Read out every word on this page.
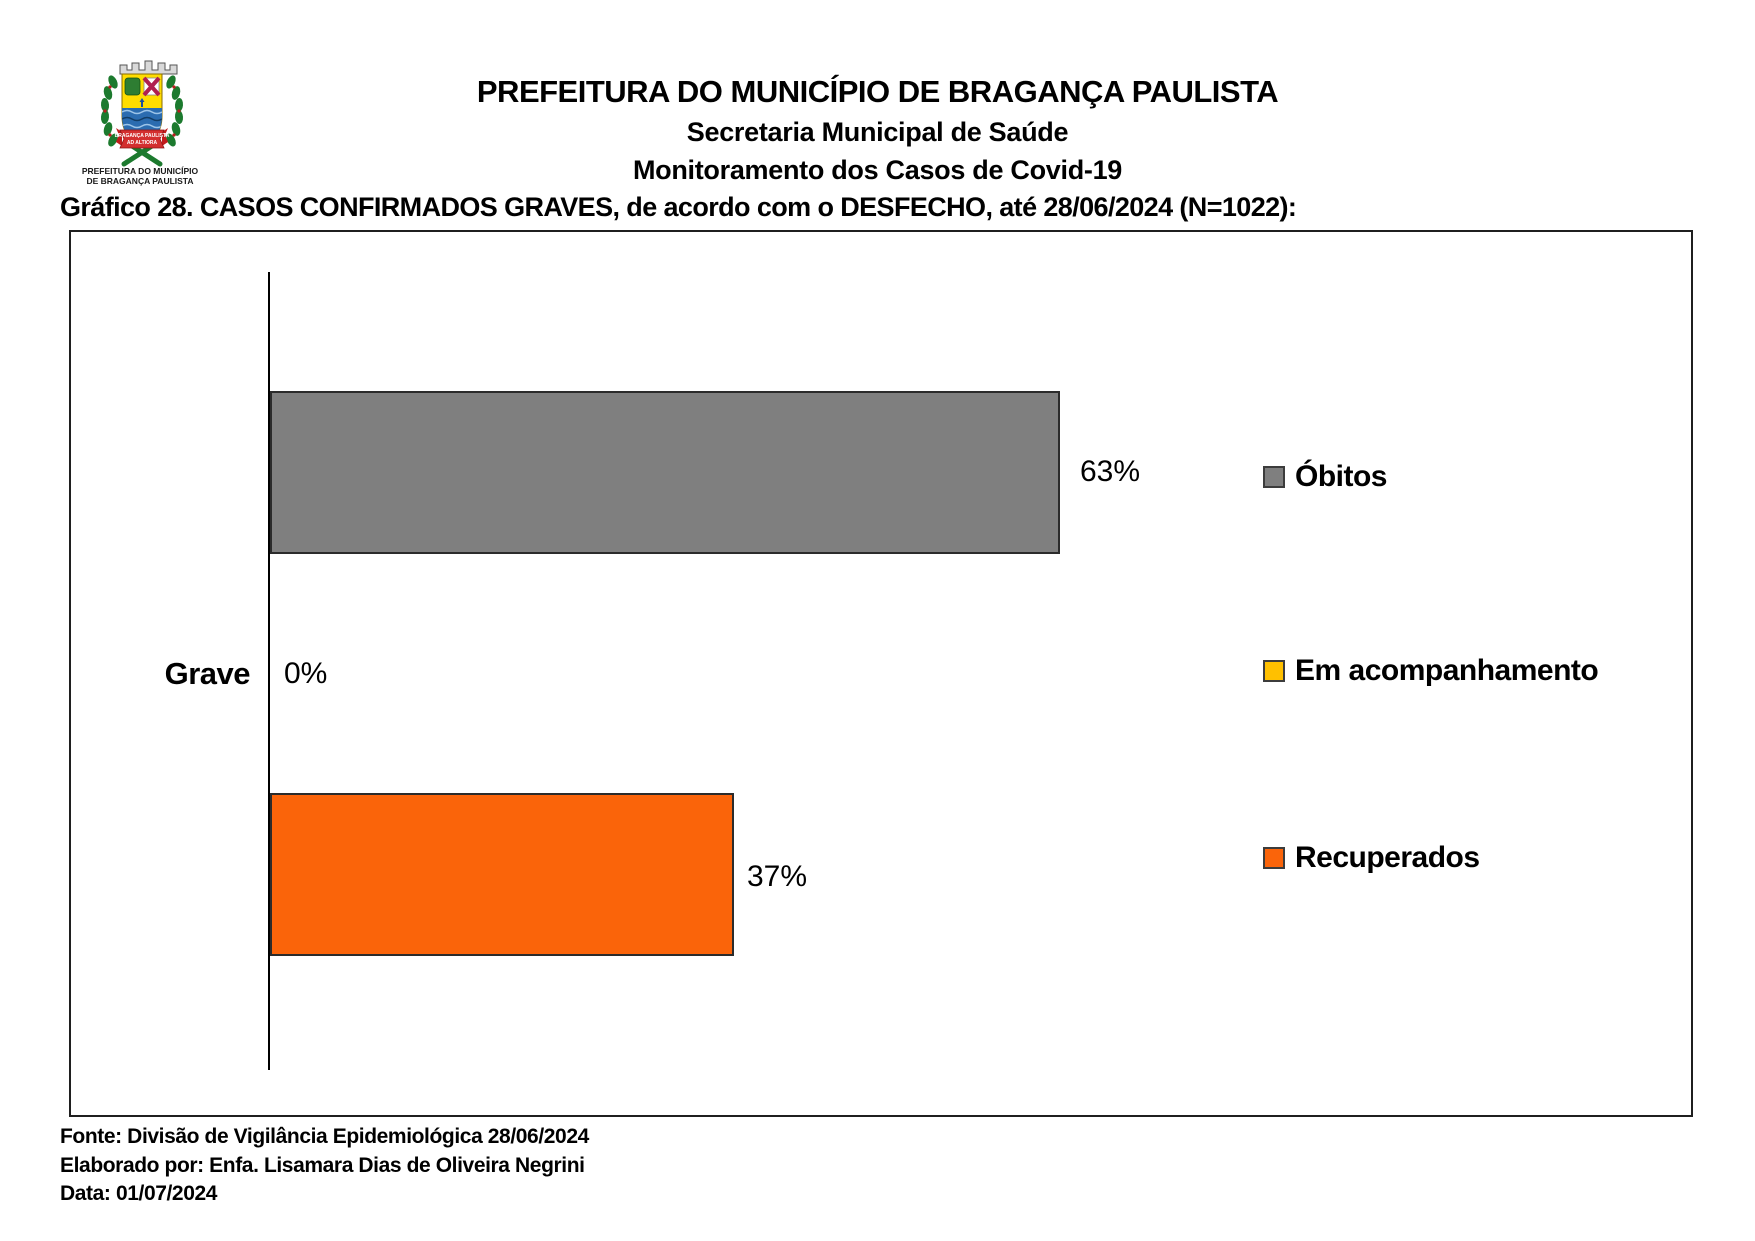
BRAGANÇA PAULISTA
AD ALTIORA
PREFEITURA DO MUNICÍPIO
DE BRAGANÇA PAULISTA
PREFEITURA DO MUNICÍPIO DE BRAGANÇA PAULISTA
Secretaria Municipal de Saúde
Monitoramento dos Casos de Covid-19
Gráfico 28. CASOS CONFIRMADOS GRAVES, de acordo com o DESFECHO, até 28/06/2024 (N=1022):
Grave
63%
0%
37%
Óbitos
Em acompanhamento
Recuperados
Fonte: Divisão de Vigilância Epidemiológica 28/06/2024
Elaborado por: Enfa. Lisamara Dias de Oliveira Negrini
Data: 01/07/2024
